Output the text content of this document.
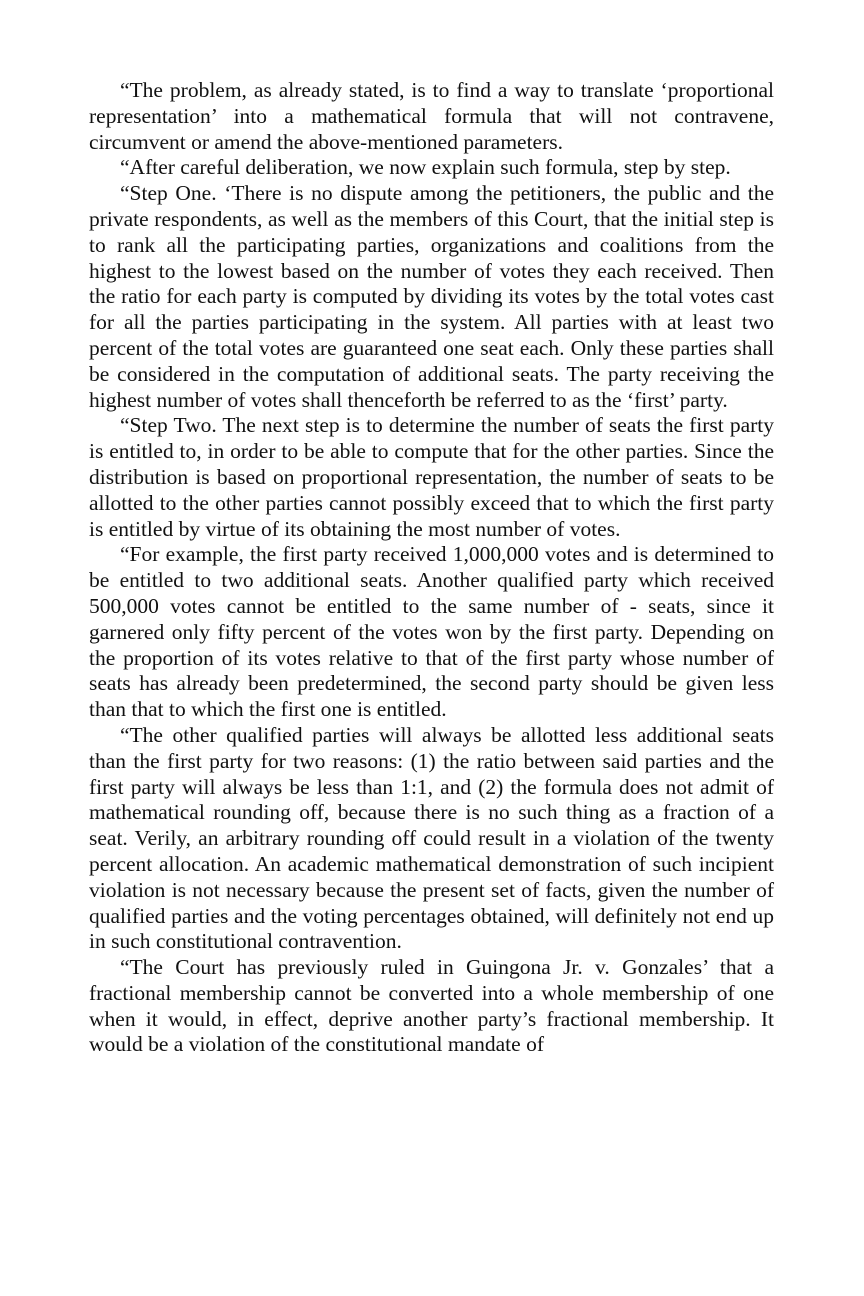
“The problem, as already stated, is to find a way to translate ‘proportional representation’ into a mathematical formula that will not contravene, circumvent or amend the above-mentioned parameters.

“After careful deliberation, we now explain such formula, step by step.

“Step One. ‘There is no dispute among the petitioners, the public and the private respondents, as well as the members of this Court, that the initial step is to rank all the participating parties, organizations and coalitions from the highest to the lowest based on the number of votes they each received. Then the ratio for each party is computed by dividing its votes by the total votes cast for all the parties participating in the system. All parties with at least two percent of the total votes are guaranteed one seat each. Only these parties shall be considered in the computation of additional seats. The party receiving the highest number of votes shall thenceforth be referred to as the ‘first’ party.

“Step Two. The next step is to determine the number of seats the first party is entitled to, in order to be able to compute that for the other parties. Since the distribution is based on proportional representation, the number of seats to be allotted to the other parties cannot possibly exceed that to which the first party is entitled by virtue of its obtaining the most number of votes.

“For example, the first party received 1,000,000 votes and is determined to be entitled to two additional seats. Another qualified party which received 500,000 votes cannot be entitled to the same number of - seats, since it garnered only fifty percent of the votes won by the first party. Depending on the proportion of its votes relative to that of the first party whose number of seats has already been predetermined, the second party should be given less than that to which the first one is entitled.

“The other qualified parties will always be allotted less additional seats than the first party for two reasons: (1) the ratio between said parties and the first party will always be less than 1:1, and (2) the formula does not admit of mathematical rounding off, because there is no such thing as a fraction of a seat. Verily, an arbitrary rounding off could result in a violation of the twenty percent allocation. An academic mathematical demonstration of such incipient violation is not necessary because the present set of facts, given the number of qualified parties and the voting percentages obtained, will definitely not end up in such constitutional contravention.

“The Court has previously ruled in Guingona Jr. v. Gonzales’ that a fractional membership cannot be converted into a whole membership of one when it would, in effect, deprive another party’s fractional membership. It would be a violation of the constitutional mandate of
